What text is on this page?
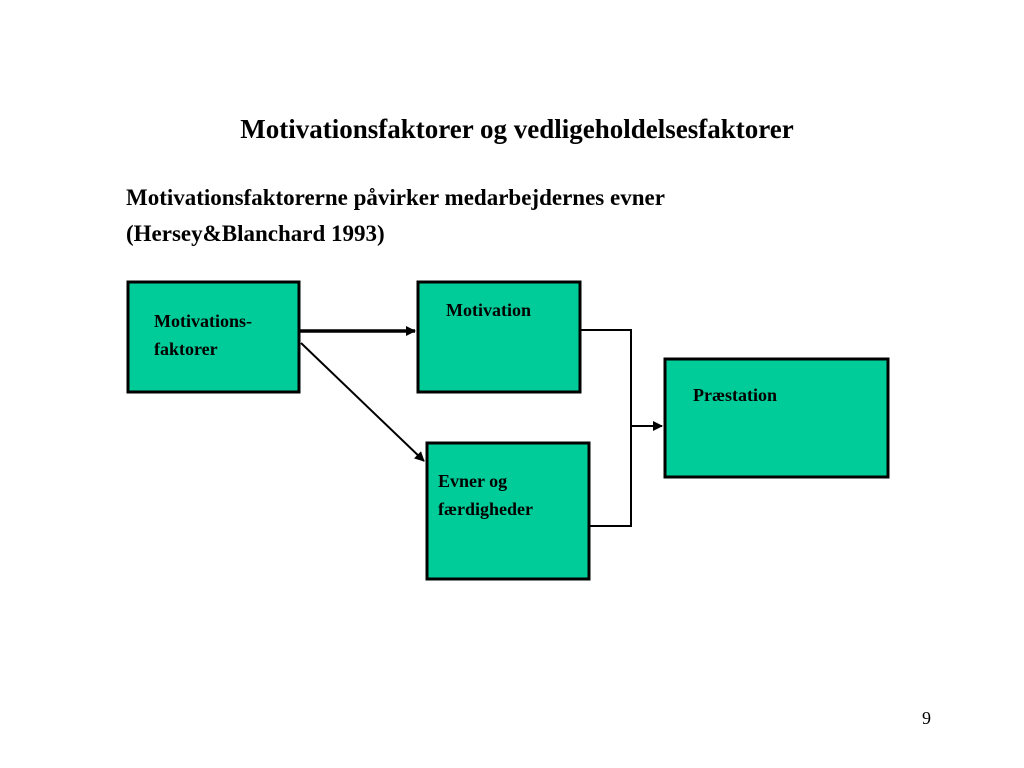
Motivationsfaktorer og vedligeholdelsesfaktorer
Motivationsfaktorerne påvirker medarbejdernes evner
(Hersey&Blanchard 1993)
Motivations-
faktorer
Motivation
Evner og
færdigheder
Præstation
9
